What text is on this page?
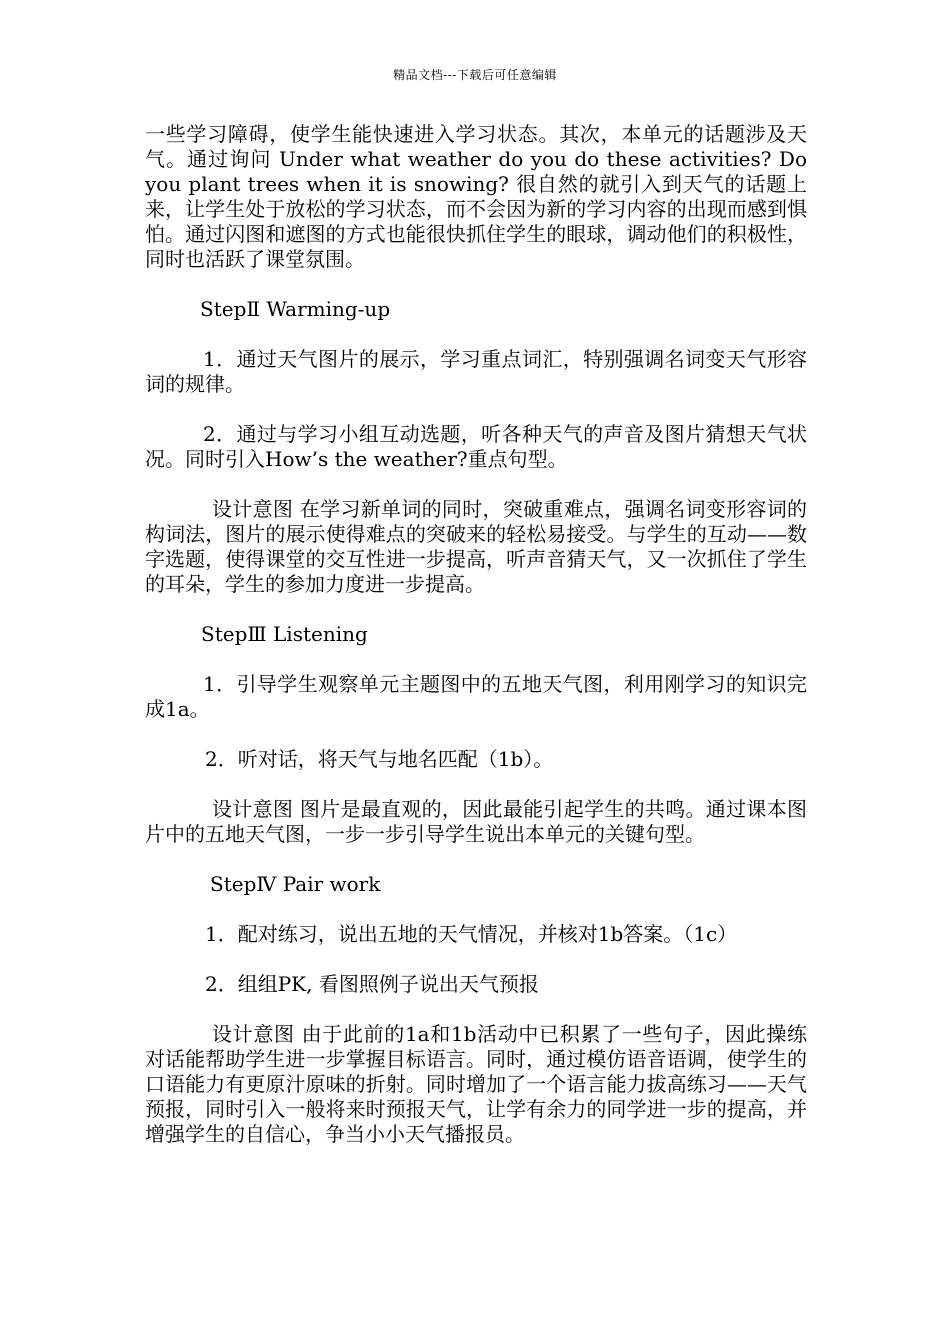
精品文档---下载后可任意编辑

一些学习障碍，使学生能快速进入学习状态。其次，本单元的话题涉及天气。通过询问 Under what weather do you do these activities? Do you plant trees when it is snowing? 很自然的就引入到天气的话题上来，让学生处于放松的学习状态，而不会因为新的学习内容的出现而感到惧怕。通过闪图和遮图的方式也能很快抓住学生的眼球，调动他们的积极性，同时也活跃了课堂氛围。

StepⅡ Warming-up

1．通过天气图片的展示，学习重点词汇，特别强调名词变天气形容词的规律。

2．通过与学习小组互动选题，听各种天气的声音及图片猜想天气状况。同时引入How’s the weather?重点句型。

设计意图 在学习新单词的同时，突破重难点，强调名词变形容词的构词法，图片的展示使得难点的突破来的轻松易接受。与学生的互动——数字选题，使得课堂的交互性进一步提高，听声音猜天气，又一次抓住了学生的耳朵，学生的参加力度进一步提高。

StepⅢ Listening

1．引导学生观察单元主题图中的五地天气图，利用刚学习的知识完成1a。

2．听对话，将天气与地名匹配（1b）。

设计意图 图片是最直观的，因此最能引起学生的共鸣。通过课本图片中的五地天气图，一步一步引导学生说出本单元的关键句型。

StepⅣ Pair work

1．配对练习，说出五地的天气情况，并核对1b答案。（1c）

2．组组PK, 看图照例子说出天气预报

设计意图 由于此前的1a和1b活动中已积累了一些句子，因此操练对话能帮助学生进一步掌握目标语言。同时，通过模仿语音语调，使学生的口语能力有更原汁原味的折射。同时增加了一个语言能力拔高练习——天气预报，同时引入一般将来时预报天气，让学有余力的同学进一步的提高，并增强学生的自信心，争当小小天气播报员。
